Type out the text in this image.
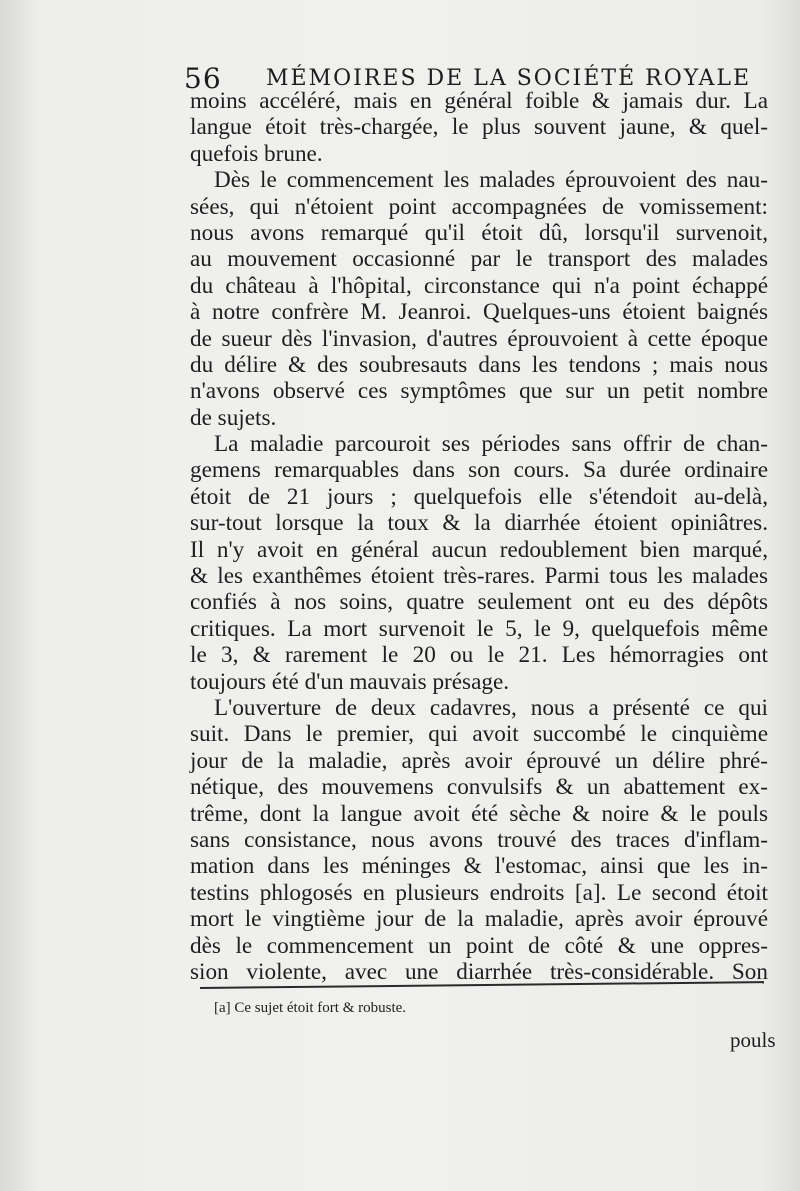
56 MÉMOIRES DE LA SOCIÉTÉ ROYALE
moins accéléré, mais en général foible & jamais dur. La
langue étoit très-chargée, le plus souvent jaune, & quel-
quefois brune.
Dès le commencement les malades éprouvoient des nau-
sées, qui n'étoient point accompagnées de vomissement:
nous avons remarqué qu'il étoit dû, lorsqu'il survenoit,
au mouvement occasionné par le transport des malades
du château à l'hôpital, circonstance qui n'a point échappé
à notre confrère M. Jeanroi. Quelques-uns étoient baignés
de sueur dès l'invasion, d'autres éprouvoient à cette époque
du délire & des soubresauts dans les tendons ; mais nous
n'avons observé ces symptômes que sur un petit nombre
de sujets.
La maladie parcouroit ses périodes sans offrir de chan-
gemens remarquables dans son cours. Sa durée ordinaire
étoit de 21 jours ; quelquefois elle s'étendoit au-delà,
sur-tout lorsque la toux & la diarrhée étoient opiniâtres.
Il n'y avoit en général aucun redoublement bien marqué,
& les exanthêmes étoient très-rares. Parmi tous les malades
confiés à nos soins, quatre seulement ont eu des dépôts
critiques. La mort survenoit le 5, le 9, quelquefois même
le 3, & rarement le 20 ou le 21. Les hémorragies ont
toujours été d'un mauvais présage.
L'ouverture de deux cadavres, nous a présenté ce qui
suit. Dans le premier, qui avoit succombé le cinquième
jour de la maladie, après avoir éprouvé un délire phré-
nétique, des mouvemens convulsifs & un abattement ex-
trême, dont la langue avoit été sèche & noire & le pouls
sans consistance, nous avons trouvé des traces d'inflam-
mation dans les méninges & l'estomac, ainsi que les in-
testins phlogosés en plusieurs endroits [a]. Le second étoit
mort le vingtième jour de la maladie, après avoir éprouvé
dès le commencement un point de côté & une oppres-
sion violente, avec une diarrhée très-considérable. Son
[a] Ce sujet étoit fort & robuste.
pouls
